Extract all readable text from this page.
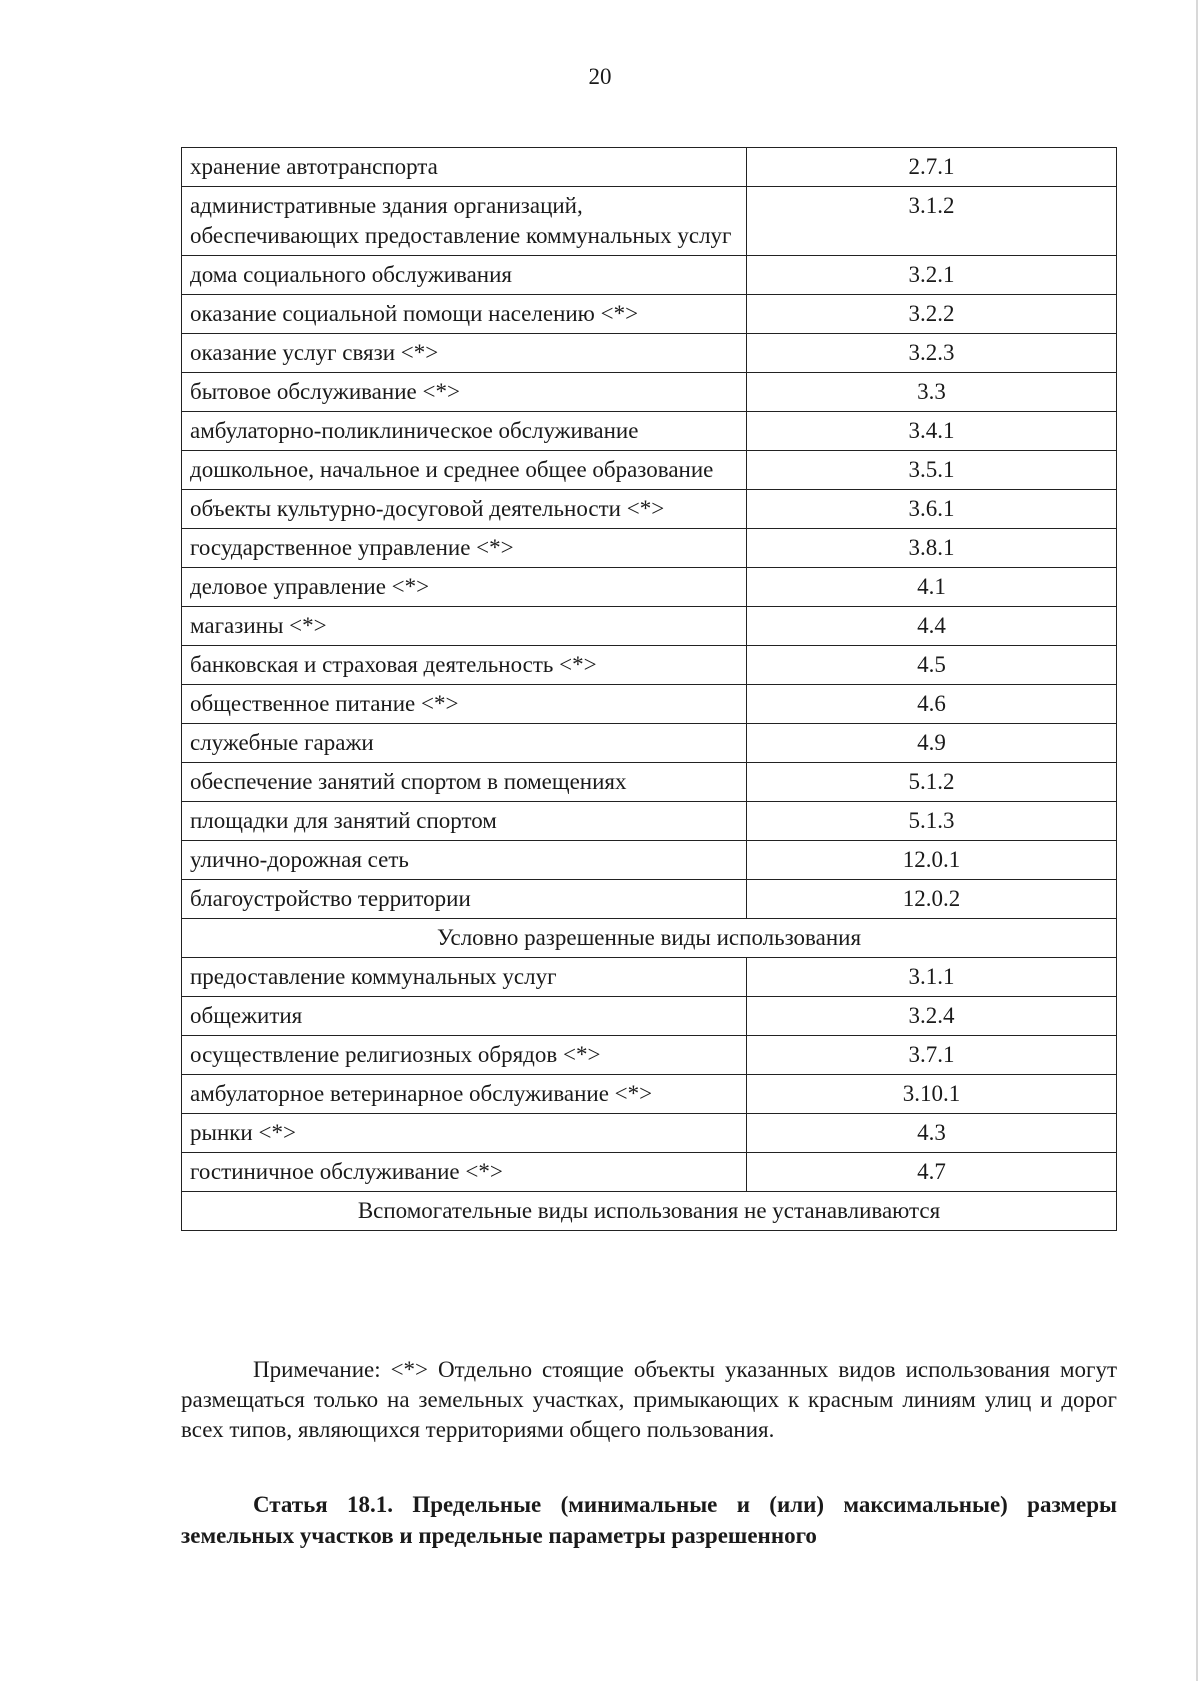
20
хранение автотранспорта	2.7.1
административные здания организаций, обеспечивающих предоставление коммунальных услуг	3.1.2
дома социального обслуживания	3.2.1
оказание социальной помощи населению <*>	3.2.2
оказание услуг связи <*>	3.2.3
бытовое обслуживание <*>	3.3
амбулаторно-поликлиническое обслуживание	3.4.1
дошкольное, начальное и среднее общее образование	3.5.1
объекты культурно-досуговой деятельности <*>	3.6.1
государственное управление <*>	3.8.1
деловое управление <*>	4.1
магазины <*>	4.4
банковская и страховая деятельность <*>	4.5
общественное питание <*>	4.6
служебные гаражи	4.9
обеспечение занятий спортом в помещениях	5.1.2
площадки для занятий спортом	5.1.3
улично-дорожная сеть	12.0.1
благоустройство территории	12.0.2
Условно разрешенные виды использования	
предоставление коммунальных услуг	3.1.1
общежития	3.2.4
осуществление религиозных обрядов <*>	3.7.1
амбулаторное ветеринарное обслуживание <*>	3.10.1
рынки <*>	4.3
гостиничное обслуживание <*>	4.7
Вспомогательные виды использования не устанавливаются	
Примечание: <*> Отдельно стоящие объекты указанных видов использования могут размещаться только на земельных участках, примыкающих к красным линиям улиц и дорог всех типов, являющихся территориями общего пользования.
Статья 18.1. Предельные (минимальные и (или) максимальные) размеры земельных участков и предельные параметры разрешенного
